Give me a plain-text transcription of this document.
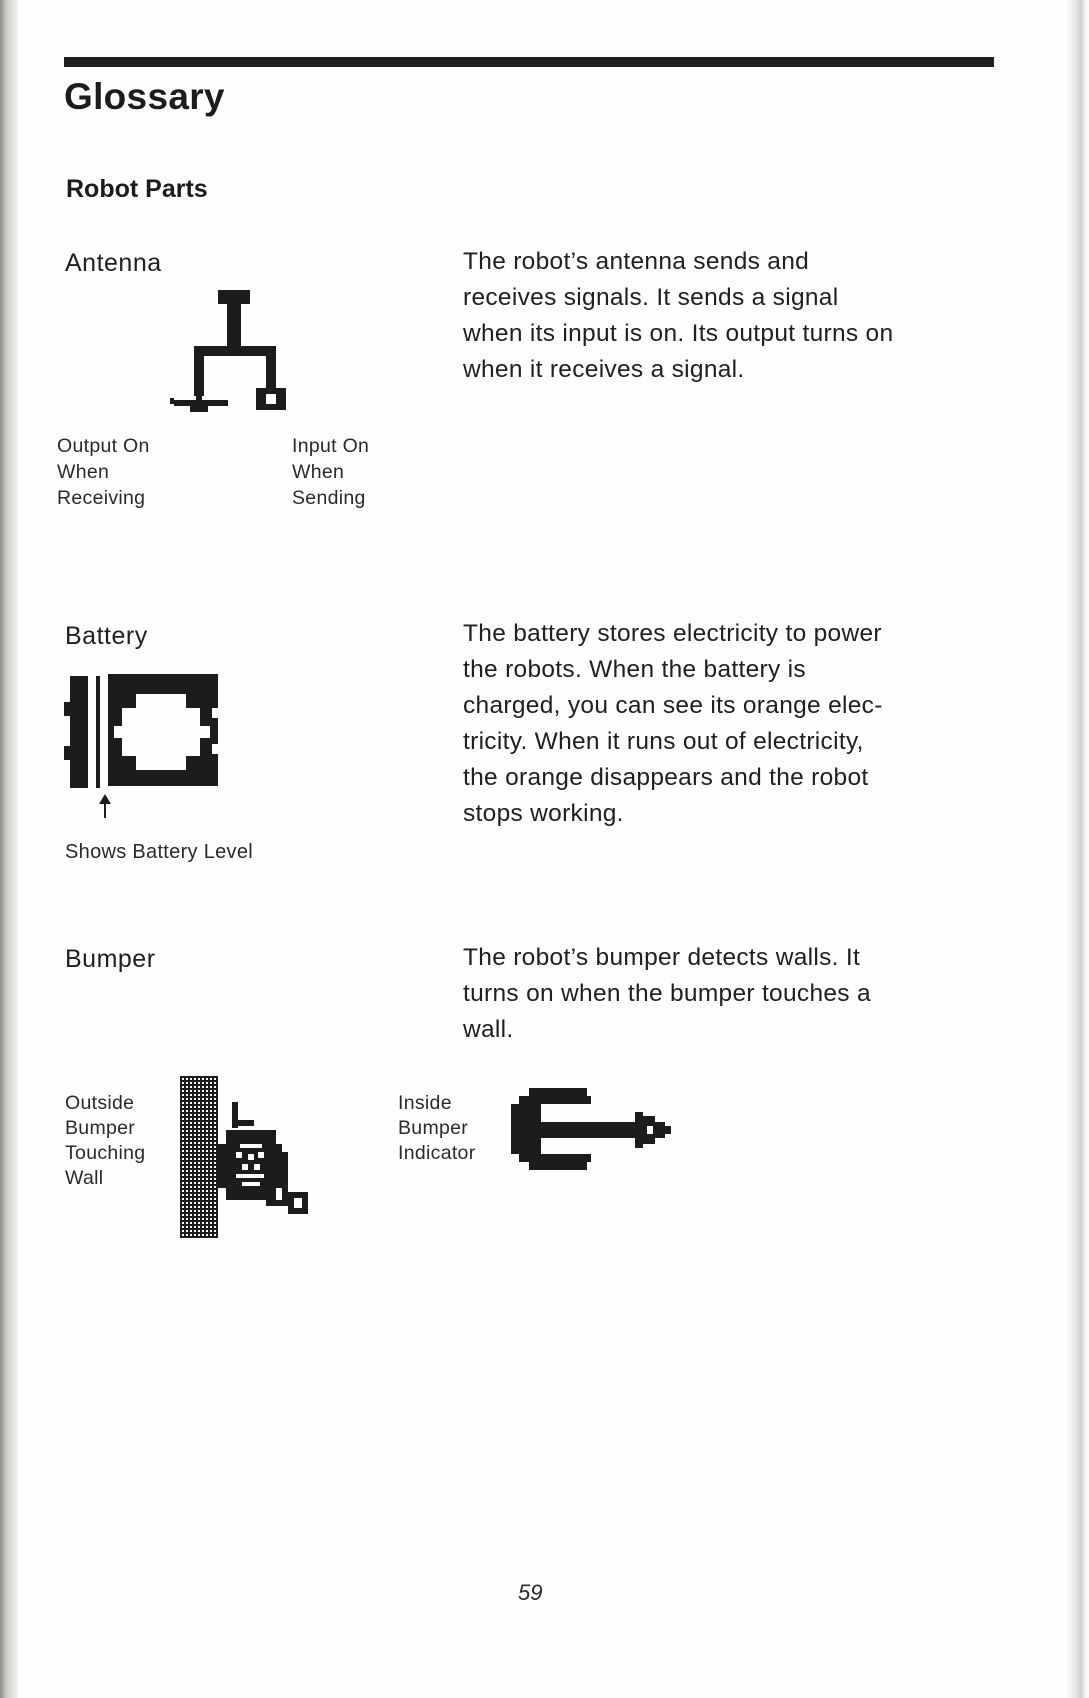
Glossary
Robot Parts
Antenna	The robot’s antenna sends and
receives signals. It sends a signal
when its input is on. Its output turns on
when it receives a signal.
Output On
When
Receiving
Input On
When
Sending
Battery	The battery stores electricity to power
the robots. When the battery is
charged, you can see its orange elec-
tricity. When it runs out of electricity,
the orange disappears and the robot
stops working.
Shows Battery Level
Bumper	The robot’s bumper detects walls. It
turns on when the bumper touches a
wall.
Outside
Bumper
Touching
Wall
Inside
Bumper
Indicator
59
